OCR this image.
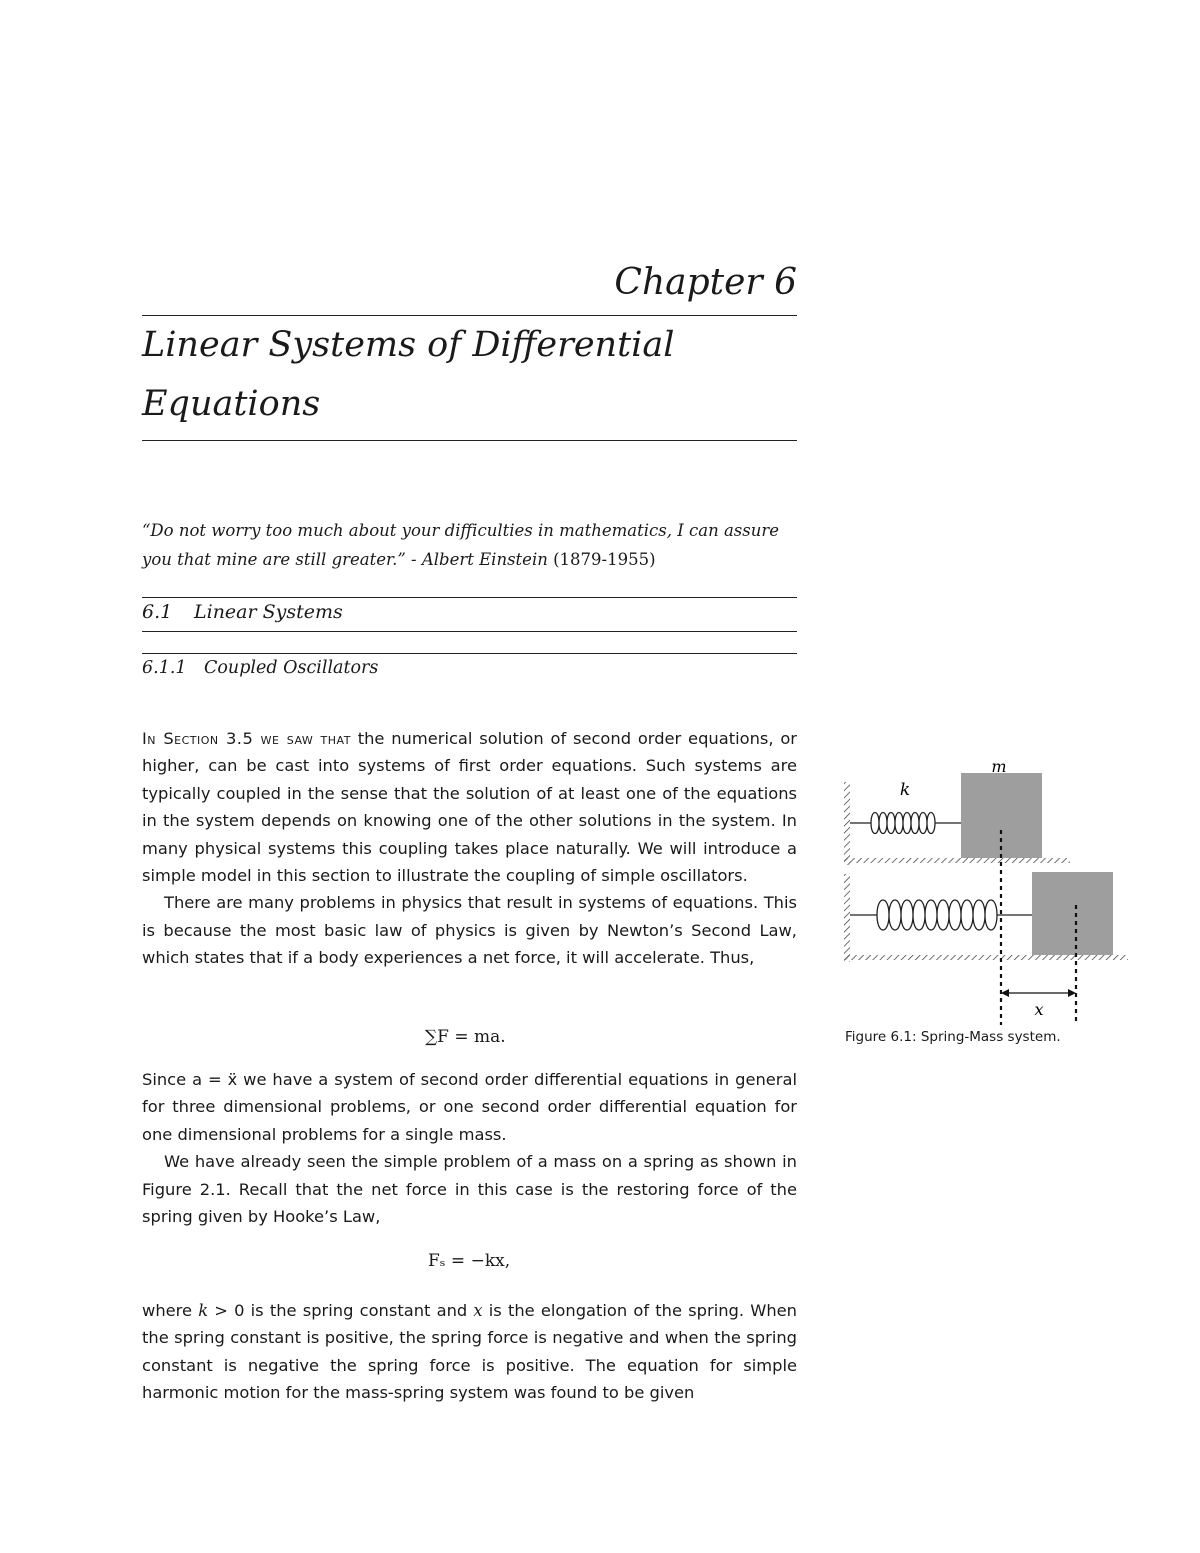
Chapter 6
Linear Systems of Differential
Equations
“Do not worry too much about your difficulties in mathematics, I can assure you that mine are still greater.” - Albert Einstein (1879-1955)
6.1 Linear Systems
6.1.1 Coupled Oscillators

In Section 3.5 we saw that the numerical solution of second order equations, or higher, can be cast into systems of first order equations. Such systems are typically coupled in the sense that the solution of at least one of the equations in the system depends on knowing one of the other solutions in the system. In many physical systems this coupling takes place naturally. We will introduce a simple model in this section to illustrate the coupling of simple oscillators.

There are many problems in physics that result in systems of equations. This is because the most basic law of physics is given by Newton’s Second Law, which states that if a body experiences a net force, it will accelerate. Thus,

∑F = ma.

Since a = ẍ we have a system of second order differential equations in general for three dimensional problems, or one second order differential equation for one dimensional problems for a single mass.

We have already seen the simple problem of a mass on a spring as shown in Figure 2.1. Recall that the net force in this case is the restoring force of the spring given by Hooke’s Law,

Fₛ = −kx,

where k > 0 is the spring constant and x is the elongation of the spring. When the spring constant is positive, the spring force is negative and when the spring constant is negative the spring force is positive. The equation for simple harmonic motion for the mass-spring system was found to be given

m
k
x
Figure 6.1: Spring-Mass system.
